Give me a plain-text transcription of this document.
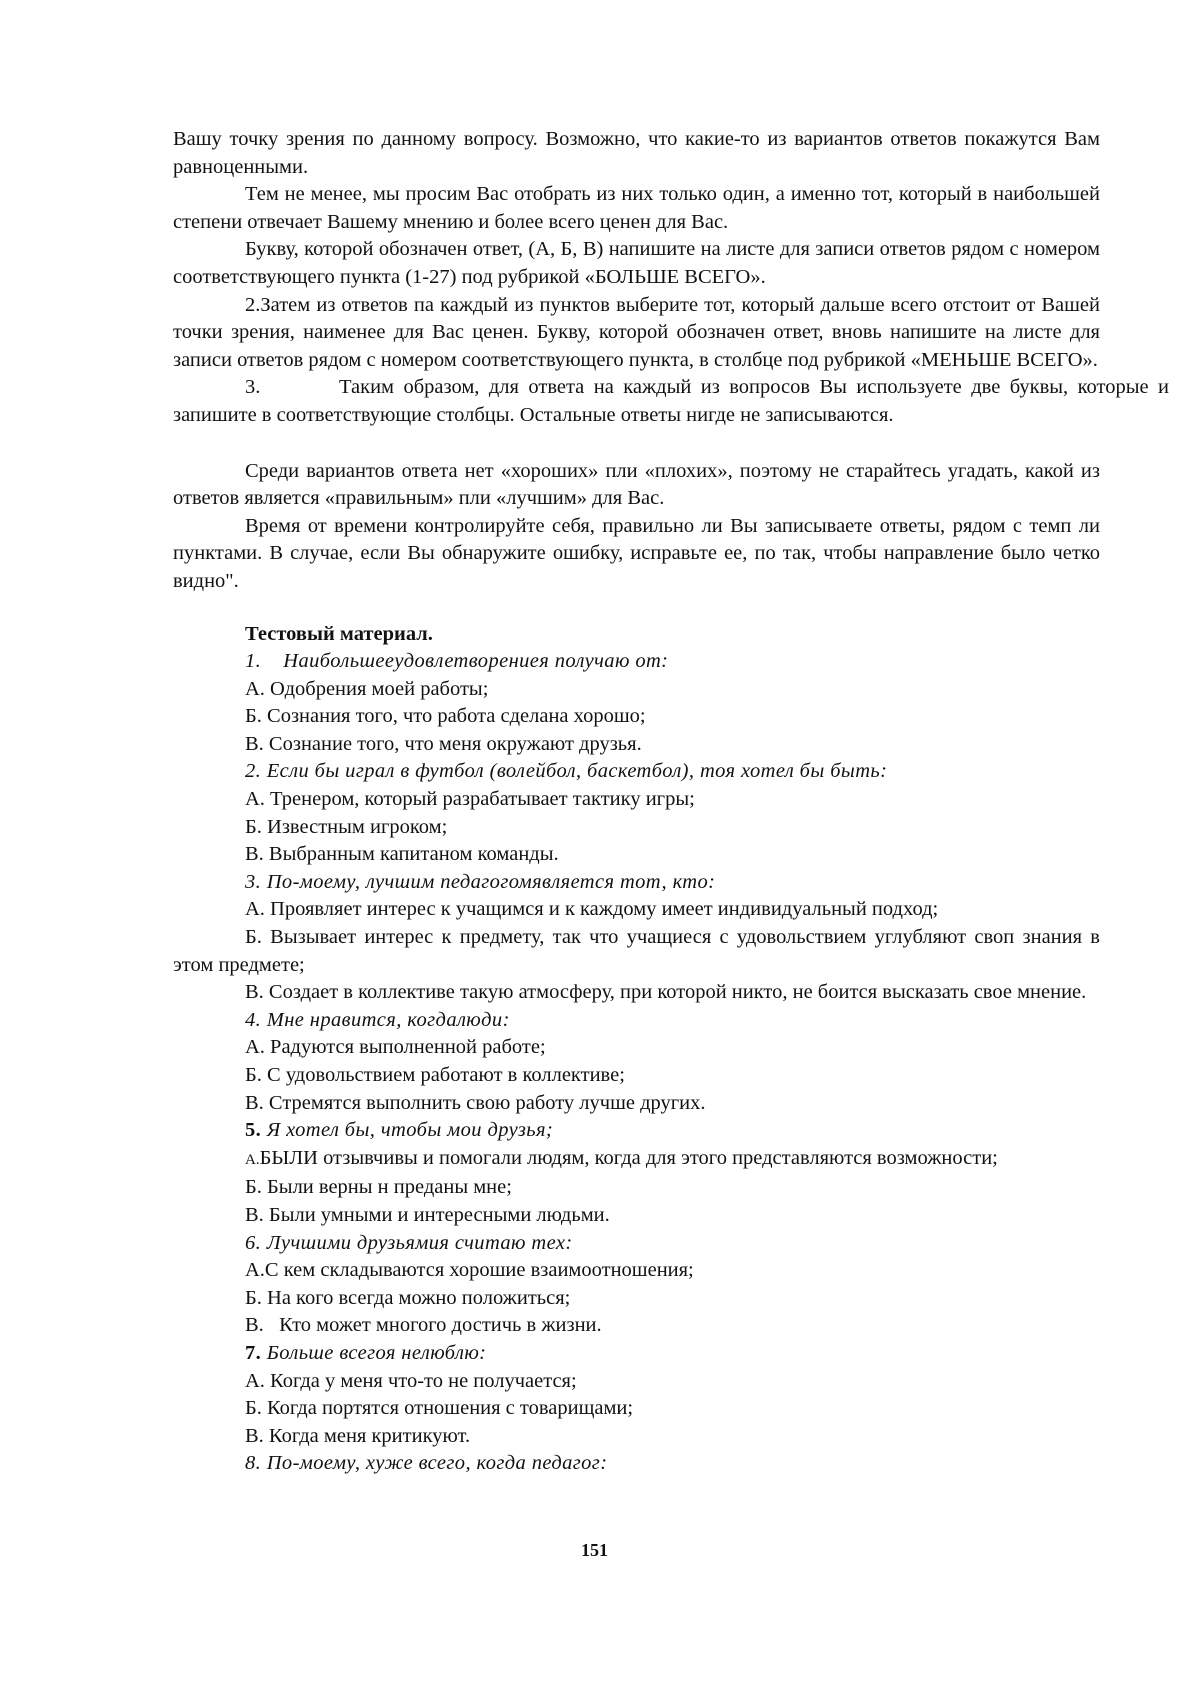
Вашу точку зрения по данному вопросу. Возможно, что какие-то из вариантов ответов покажутся Вам равноценными.

Тем не менее, мы просим Вас отобрать из них только один, а именно тот, который в наибольшей степени отвечает Вашему мнению и более всего ценен для Вас.

Букву, которой обозначен ответ, (А, Б, В) напишите на листе для записи ответов рядом с номером соответствующего пункта (1-27) под рубрикой «БОЛЬШЕ ВСЕГО».

2.Затем из ответов па каждый из пунктов выберите тот, который дальше всего отстоит от Вашей точки зрения, наименее для Вас ценен. Букву, которой обозначен ответ, вновь напишите на листе для записи ответов рядом с номером соответствующего пункта, в столбце под рубрикой «МЕНЬШЕ ВСЕГО».

3.	Таким образом, для ответа на каждый из вопросов Вы используете две буквы, которые и запишите в соответствующие столбцы. Остальные ответы нигде не записываются.

Среди вариантов ответа нет «хороших» пли «плохих», поэтому не старайтесь угадать, какой из ответов является «правильным» пли «лучшим» для Вас.

Время от времени контролируйте себя, правильно ли Вы записываете ответы, рядом с темп ли пунктами. В случае, если Вы обнаружите ошибку, исправьте ее, по так, чтобы направление было четко видно".

Тестовый материал.

1. Наибольшееудовлетворениея получаю от:

А. Одобрения моей работы;

Б. Сознания того, что работа сделана хорошо;

В. Сознание того, что меня окружают друзья.

2. Если бы играл в футбол (волейбол, баскетбол), тоя хотел бы быть:

А. Тренером, который разрабатывает тактику игры;

Б. Известным игроком;

В. Выбранным капитаном команды.

3. По-моему, лучшим педагогомявляется тот, кто:

А. Проявляет интерес к учащимся и к каждому имеет индивидуальный подход;

Б. Вызывает интерес к предмету, так что учащиеся с удовольствием углубляют своп знания в этом предмете;

В. Создает в коллективе такую атмосферу, при которой никто, не боится высказать свое мнение.

4. Мне нравится, когдалюди:

А. Радуются выполненной работе;

Б. С удовольствием работают в коллективе;

В. Стремятся выполнить свою работу лучше других.

5. Я хотел бы, чтобы мои друзья;

А.БЫЛИ отзывчивы и помогали людям, когда для этого представляются возможности;

Б. Были верны н преданы мне;

В. Были умными и интересными людьми.

6. Лучшими друзьямия считаю тех:

А.С кем складываются хорошие взаимоотношения;

Б. На кого всегда можно положиться;

В.   Кто может многого достичь в жизни.

7. Больше всегоя нелюблю:

А. Когда у меня что-то не получается;

Б. Когда портятся отношения с товарищами;

В. Когда меня критикуют.

8. По-моему, хуже всего, когда педагог:

151
